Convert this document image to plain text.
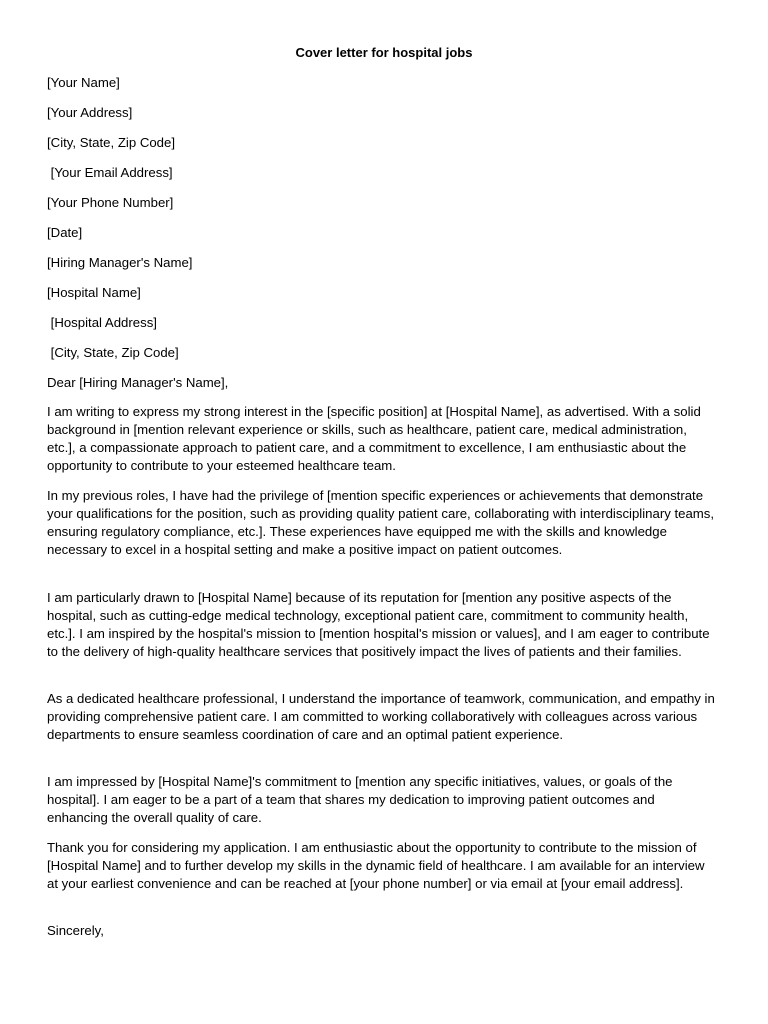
Cover letter for hospital jobs
[Your Name]
[Your Address]
[City, State, Zip Code]
[Your Email Address]
[Your Phone Number]
[Date]
[Hiring Manager's Name]
[Hospital Name]
[Hospital Address]
[City, State, Zip Code]
Dear [Hiring Manager's Name],

I am writing to express my strong interest in the [specific position] at [Hospital Name], as advertised. With a solid background in [mention relevant experience or skills, such as healthcare, patient care, medical administration, etc.], a compassionate approach to patient care, and a commitment to excellence, I am enthusiastic about the opportunity to contribute to your esteemed healthcare team.

In my previous roles, I have had the privilege of [mention specific experiences or achievements that demonstrate your qualifications for the position, such as providing quality patient care, collaborating with interdisciplinary teams, ensuring regulatory compliance, etc.]. These experiences have equipped me with the skills and knowledge necessary to excel in a hospital setting and make a positive impact on patient outcomes.

I am particularly drawn to [Hospital Name] because of its reputation for [mention any positive aspects of the hospital, such as cutting-edge medical technology, exceptional patient care, commitment to community health, etc.]. I am inspired by the hospital's mission to [mention hospital's mission or values], and I am eager to contribute to the delivery of high-quality healthcare services that positively impact the lives of patients and their families.

As a dedicated healthcare professional, I understand the importance of teamwork, communication, and empathy in providing comprehensive patient care. I am committed to working collaboratively with colleagues across various departments to ensure seamless coordination of care and an optimal patient experience.

I am impressed by [Hospital Name]'s commitment to [mention any specific initiatives, values, or goals of the hospital]. I am eager to be a part of a team that shares my dedication to improving patient outcomes and enhancing the overall quality of care.

Thank you for considering my application. I am enthusiastic about the opportunity to contribute to the mission of [Hospital Name] and to further develop my skills in the dynamic field of healthcare. I am available for an interview at your earliest convenience and can be reached at [your phone number] or via email at [your email address].

Sincerely,
